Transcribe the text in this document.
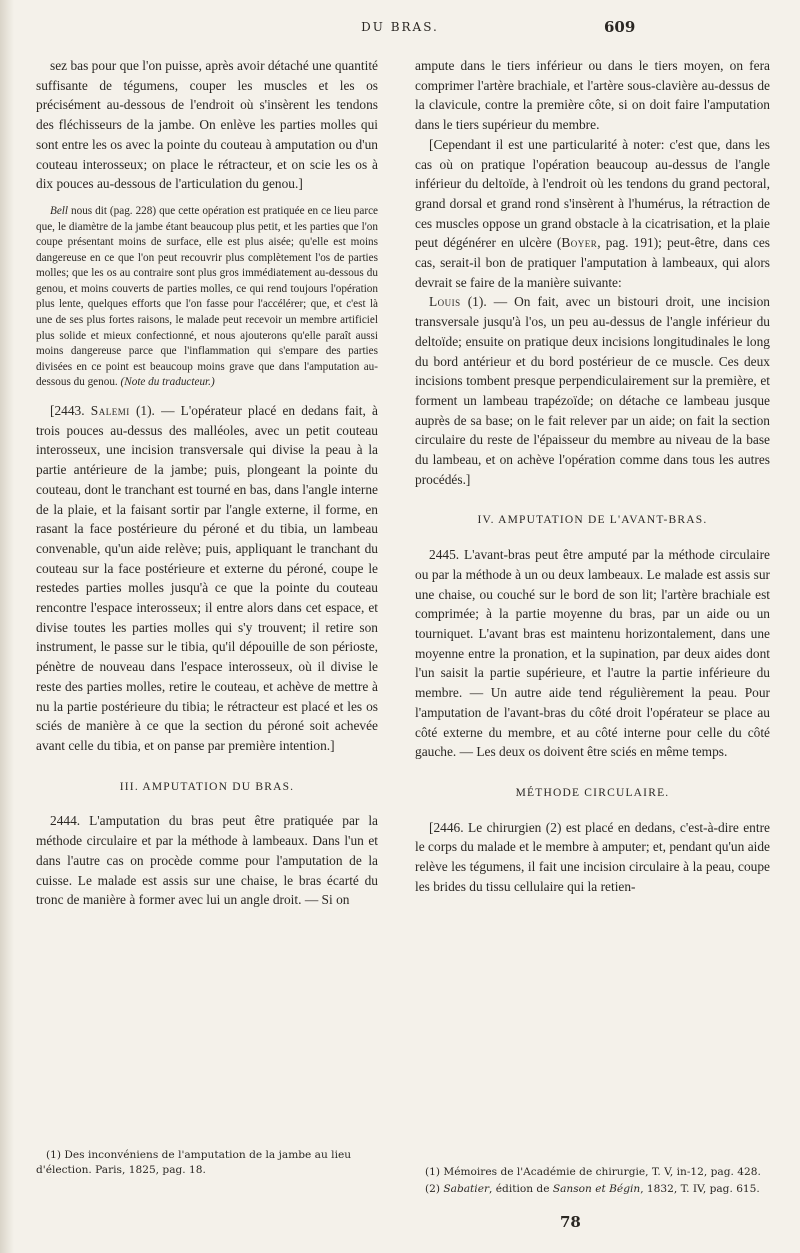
DU BRAS.	609

sez bas pour que l'on puisse, après avoir détaché une quantité suffisante de tégumens, couper les muscles et les os précisément au-dessous de l'endroit où s'insèrent les tendons des fléchisseurs de la jambe. On enlève les parties molles qui sont entre les os avec la pointe du couteau à amputation ou d'un couteau interosseux; on place le rétracteur, et on scie les os à dix pouces au-dessous de l'articulation du genou.]

Bell nous dit (pag. 228) que cette opération est pratiquée en ce lieu parce que, le diamètre de la jambe étant beaucoup plus petit, et les parties que l'on coupe présentant moins de surface, elle est plus aisée; qu'elle est moins dangereuse en ce que l'on peut recouvrir plus complètement l'os de parties molles; que les os au contraire sont plus gros immédiatement au-dessous du genou, et moins couverts de parties molles, ce qui rend toujours l'opération plus lente, quelques efforts que l'on fasse pour l'accélérer; que, et c'est là une de ses plus fortes raisons, le malade peut recevoir un membre artificiel plus solide et mieux confectionné, et nous ajouterons qu'elle paraît aussi moins dangereuse parce que l'inflammation qui s'empare des parties divisées en ce point est beaucoup moins grave que dans l'amputation au-dessous du genou. (Note du traducteur.)

[2443. Salemi (1). — L'opérateur placé en dedans fait, à trois pouces au-dessus des malléoles, avec un petit couteau interosseux, une incision transversale qui divise la peau à la partie antérieure de la jambe; puis, plongeant la pointe du couteau, dont le tranchant est tourné en bas, dans l'angle interne de la plaie, et la faisant sortir par l'angle externe, il forme, en rasant la face postérieure du péroné et du tibia, un lambeau convenable, qu'un aide relève; puis, appliquant le tranchant du couteau sur la face postérieure et externe du péroné, coupe le restedes parties molles jusqu'à ce que la pointe du couteau rencontre l'espace interosseux; il entre alors dans cet espace, et divise toutes les parties molles qui s'y trouvent; il retire son instrument, le passe sur le tibia, qu'il dépouille de son périoste, pénètre de nouveau dans l'espace interosseux, où il divise le reste des parties molles, retire le couteau, et achève de mettre à nu la partie postérieure du tibia; le rétracteur est placé et les os sciés de manière à ce que la section du péroné soit achevée avant celle du tibia, et on panse par première intention.]

III. AMPUTATION DU BRAS.

2444. L'amputation du bras peut être pratiquée par la méthode circulaire et par la méthode à lambeaux. Dans l'un et dans l'autre cas on procède comme pour l'amputation de la cuisse. Le malade est assis sur une chaise, le bras écarté du tronc de manière à former avec lui un angle droit. — Si on

(1) Des inconvéniens de l'amputation de la jambe au lieu d'élection. Paris, 1825, pag. 18.

ampute dans le tiers inférieur ou dans le tiers moyen, on fera comprimer l'artère brachiale, et l'artère sous-clavière au-dessus de la clavicule, contre la première côte, si on doit faire l'amputation dans le tiers supérieur du membre.

[Cependant il est une particularité à noter: c'est que, dans les cas où on pratique l'opération beaucoup au-dessus de l'angle inférieur du deltoïde, à l'endroit où les tendons du grand pectoral, grand dorsal et grand rond s'insèrent à l'humérus, la rétraction de ces muscles oppose un grand obstacle à la cicatrisation, et la plaie peut dégénérer en ulcère (Boyer, pag. 191); peut-être, dans ces cas, serait-il bon de pratiquer l'amputation à lambeaux, qui alors devrait se faire de la manière suivante:

Louis (1). — On fait, avec un bistouri droit, une incision transversale jusqu'à l'os, un peu au-dessus de l'angle inférieur du deltoïde; ensuite on pratique deux incisions longitudinales le long du bord antérieur et du bord postérieur de ce muscle. Ces deux incisions tombent presque perpendiculairement sur la première, et forment un lambeau trapézoïde; on détache ce lambeau jusque auprès de sa base; on le fait relever par un aide; on fait la section circulaire du reste de l'épaisseur du membre au niveau de la base du lambeau, et on achève l'opération comme dans tous les autres procédés.]

IV. AMPUTATION DE L'AVANT-BRAS.

2445. L'avant-bras peut être amputé par la méthode circulaire ou par la méthode à un ou deux lambeaux. Le malade est assis sur une chaise, ou couché sur le bord de son lit; l'artère brachiale est comprimée; à la partie moyenne du bras, par un aide ou un tourniquet. L'avant bras est maintenu horizontalement, dans une moyenne entre la pronation, et la supination, par deux aides dont l'un saisit la partie supérieure, et l'autre la partie inférieure du membre. — Un autre aide tend régulièrement la peau. Pour l'amputation de l'avant-bras du côté droit l'opérateur se place au côté externe du membre, et au côté interne pour celle du côté gauche. — Les deux os doivent être sciés en même temps.

MÉTHODE CIRCULAIRE.

[2446. Le chirurgien (2) est placé en dedans, c'est-à-dire entre le corps du malade et le membre à amputer; et, pendant qu'un aide relève les tégumens, il fait une incision circulaire à la peau, coupe les brides du tissu cellulaire qui la retien-

(1) Mémoires de l'Académie de chirurgie, T. V, in-12, pag. 428.

(2) Sabatier, édition de Sanson et Bégin, 1832, T. IV, pag. 615.

78
